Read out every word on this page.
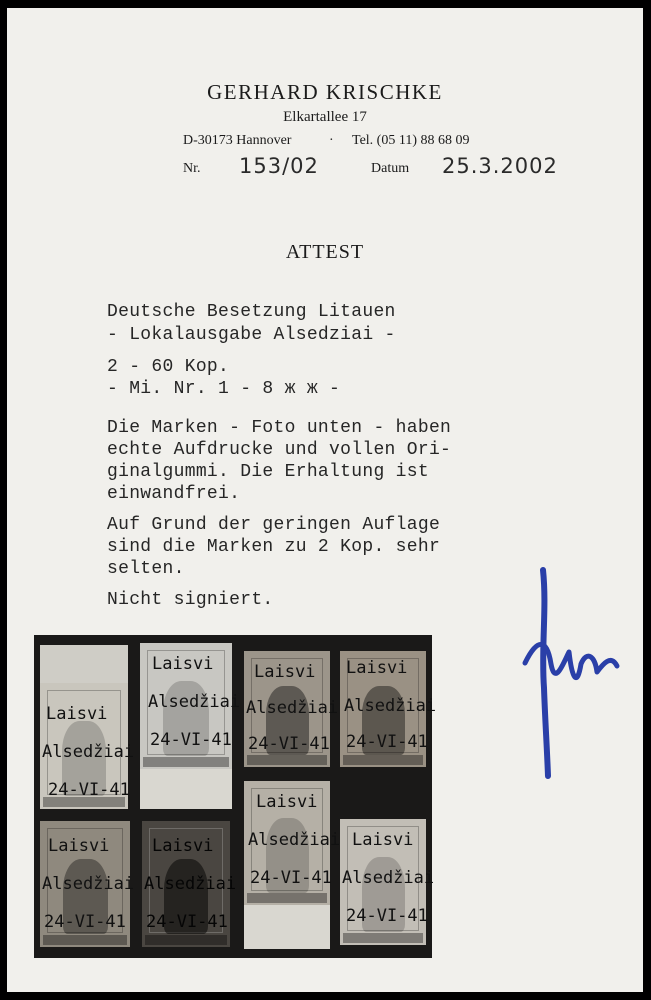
GERHARD KRISCHKE
Elkartallee 17
D-30173 Hannover	· Tel. (05 11) 88 68 09
Nr. 153/02	Datum 25.3.2002
ATTEST
Deutsche Besetzung Litauen
- Lokalausgabe Alsedziai -
2 - 60 Kop.
- Mi. Nr. 1 - 8 ж ж -
Die Marken - Foto unten - haben
echte Aufdrucke und vollen Ori-
ginalgummi. Die Erhaltung ist
einwandfrei.
Auf Grund der geringen Auflage
sind die Marken zu 2 Kop. sehr
selten.
Nicht signiert.
Laisvi
Alsedžiai
24-VI-41
Laisvi
Alsedžiai
24-VI-41
Laisvi
Alsedžiai
24-VI-41
Laisvi
Alsedžiai
24-VI-41
Laisvi
Alsedžiai
24-VI-41
Laisvi
Alsedžiai
24-VI-41
Laisvi
Alsedžiai
24-VI-41
Laisvi
Alsedžiai
24-VI-41
